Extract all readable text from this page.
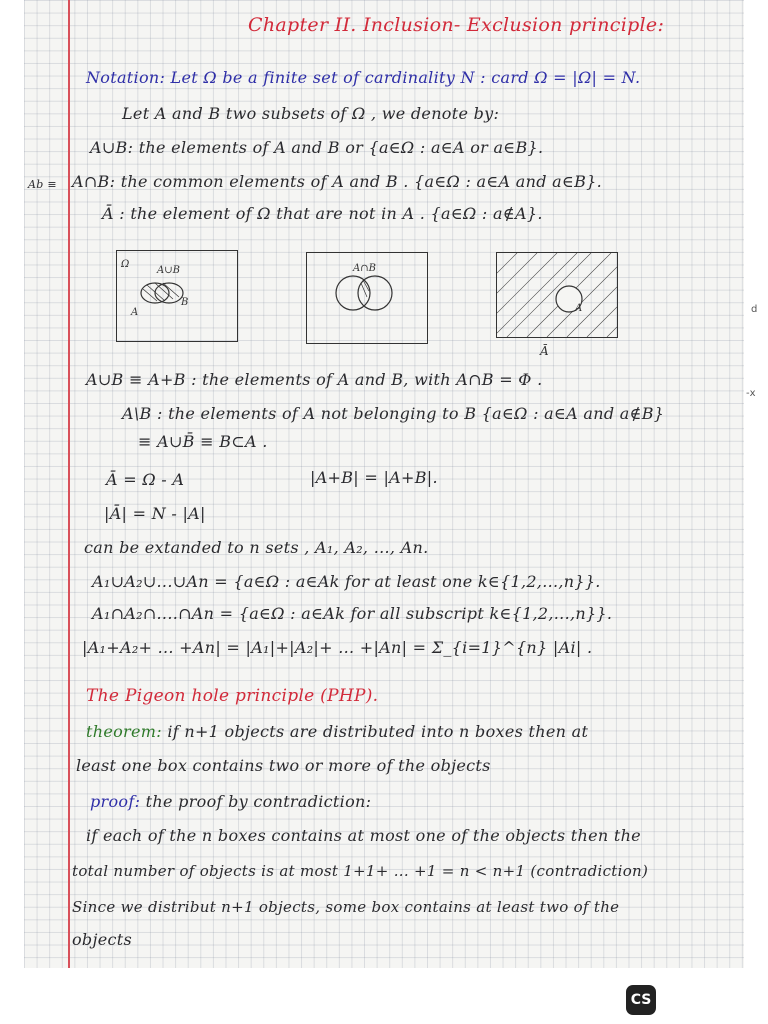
Chapter II. Inclusion- Exclusion principle:
Notation: Let Ω be a finite set of cardinality N : card Ω = |Ω| = N.
Let A and B two subsets of Ω , we denote by:
A∪B: the elements of A and B or {a∈Ω : a∈A or a∈B}.
Ab ≡ A∩B: the common elements of A and B . {a∈Ω : a∈A and a∈B}.
Ā : the element of Ω that are not in A . {a∈Ω : a∉A}.
Ω
A∪B
A
B
A∩B
A
Ā
A∪B ≡ A+B : the elements of A and B, with A∩B = Φ .
A\B : the elements of A not belonging to B {a∈Ω : a∈A and a∉B}
≡ A∪B̄ ≡ B⊂A .
Ā = Ω - A	|A+B| = |A+B|.
|Ā| = N - |A|
can be extanded to n sets , A₁, A₂, ..., An.
A₁∪A₂∪...∪An = {a∈Ω : a∈Ak for at least one k∈{1,2,...,n}}.
A₁∩A₂∩....∩An = {a∈Ω : a∈Ak for all subscript k∈{1,2,...,n}}.
|A₁+A₂+ ... +An| = |A₁|+|A₂|+ ... +|An| = Σ_{i=1}^{n} |Ai| .
The Pigeon hole principle (PHP).
theorem: if n+1 objects are distributed into n boxes then at
least one box contains two or more of the objects
proof: the proof by contradiction:
if each of the n boxes contains at most one of the objects then the
total number of objects is at most 1+1+ ... +1 = n < n+1 (contradiction)
Since we distribut n+1 objects, some box contains at least two of the
objects
d
-x
CS
